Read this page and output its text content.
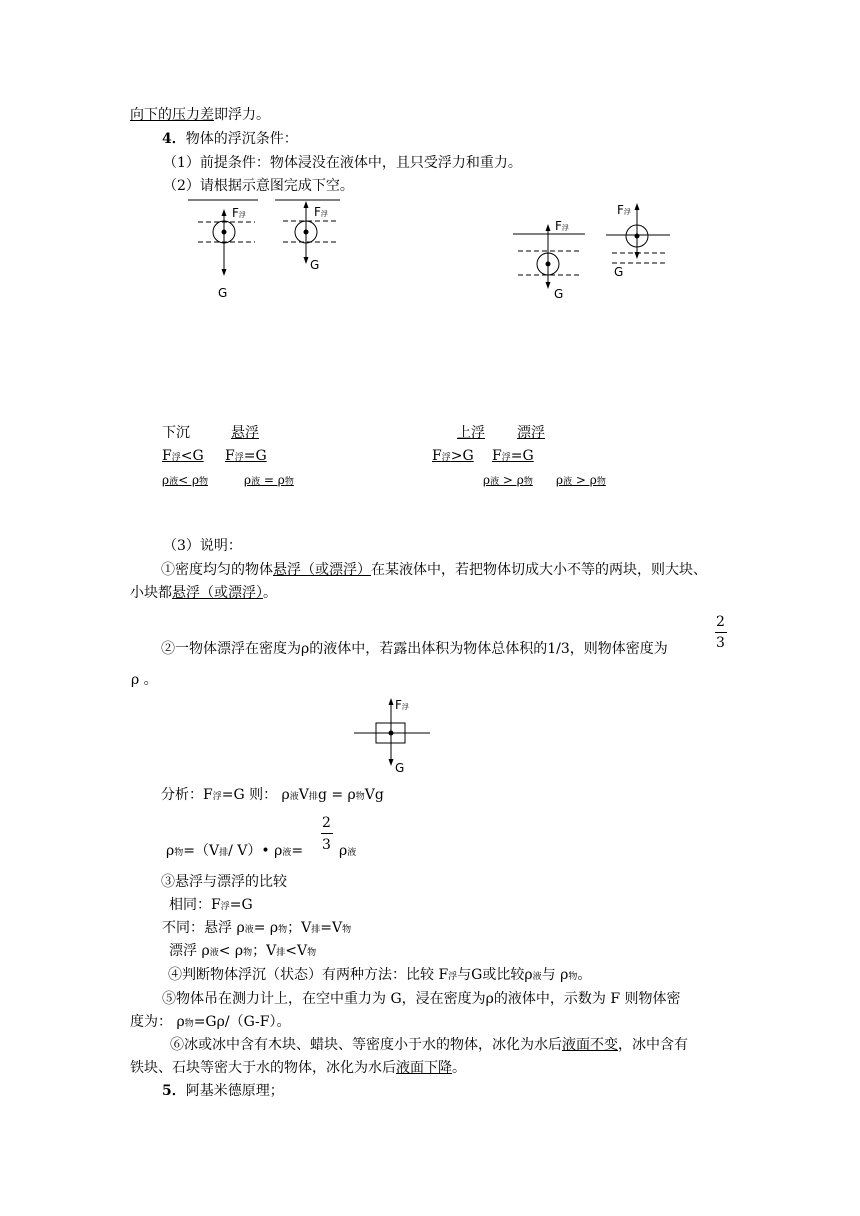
向下的压力差即浮力。
4．物体的浮沉条件：
（1）前提条件：物体浸没在液体中，且只受浮力和重力。
（2）请根据示意图完成下空。
F浮	F浮
F浮
F浮
F浮
G
G
G
G
G
下沉	悬浮	上浮 漂浮
F浮<G F浮=G	F浮>G F浮=G
ρ液< ρ物	ρ液 = ρ物	ρ液 > ρ物 ρ液 > ρ物
（3）说明：
①密度均匀的物体悬浮（或漂浮）在某液体中，若把物体切成大小不等的两块，则大块、
小块都悬浮（或漂浮）。
2
3
②一物体漂浮在密度为ρ的液体中，若露出体积为物体总体积的1/3，则物体密度为
ρ 。
分析：F浮=G 则： ρ液V排g = ρ物Vg
2
3
ρ物=（V排/ V）• ρ液=	ρ液
③悬浮与漂浮的比较
相同：F浮=G
不同：悬浮 ρ液= ρ物；V排=V物
漂浮 ρ液< ρ物；V排<V物
④判断物体浮沉（状态）有两种方法：比较 F浮与G或比较ρ液与 ρ物。
⑤物体吊在测力计上，在空中重力为 G，浸在密度为ρ的液体中，示数为 F 则物体密
度为： ρ物=Gρ/（G-F）。
⑥冰或冰中含有木块、蜡块、等密度小于水的物体，冰化为水后液面不变，冰中含有
铁块、石块等密大于水的物体，冰化为水后液面下降。
5．阿基米德原理；
